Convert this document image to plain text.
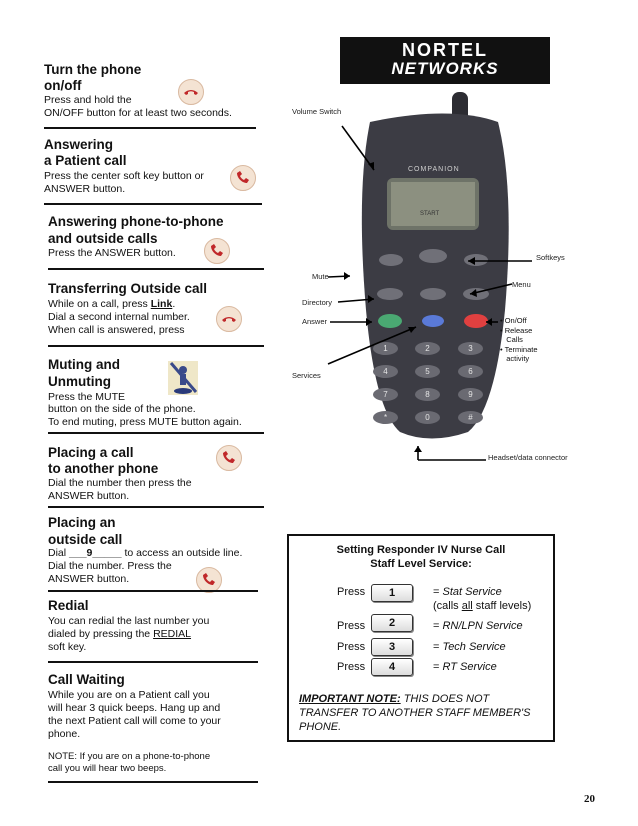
Turn the phone
on/off
Press and hold the
ON/OFF button for at least two seconds.
Answering
a Patient call
Press the center soft key button or
ANSWER button.
Answering phone-to-phone
and outside calls
Press the ANSWER button.
Transferring Outside call
While on a call, press Link.
Dial a second internal number.
When call is answered, press
Muting and
Unmuting
Press the MUTE
button on the side of the phone.
To end muting, press MUTE button again.
Placing a call
to another phone
Dial the number then press the
ANSWER button.
Placing an
outside call
Dial ___9_____ to access an outside line.
Dial the number. Press the
ANSWER button.
Redial
You can redial the last number you
dialed by pressing the REDIAL
soft key.
Call Waiting
While you are on a Patient call you
will hear 3 quick beeps. Hang up and
the next Patient call will come to your
phone.
NOTE: If you are on a phone-to-phone
call you will hear two beeps.
NORTEL
NETWORKS
COMPANION
START
1	2	3
4	5	6
7	8	9
*	0	#
Volume Switch
Softkeys
Mute
Menu
Directory
Answer
Services
• On/Off
• Release
Calls
• Terminate
activity
Headset/data connector
Setting Responder IV Nurse Call
Staff Level Service:
Press	1	= Stat Service
(calls all staff levels)
Press	2	= RN/LPN Service
Press	3	= Tech Service
Press	4	= RT Service
IMPORTANT NOTE: THIS DOES NOT TRANSFER TO ANOTHER STAFF MEMBER'S PHONE.
20
